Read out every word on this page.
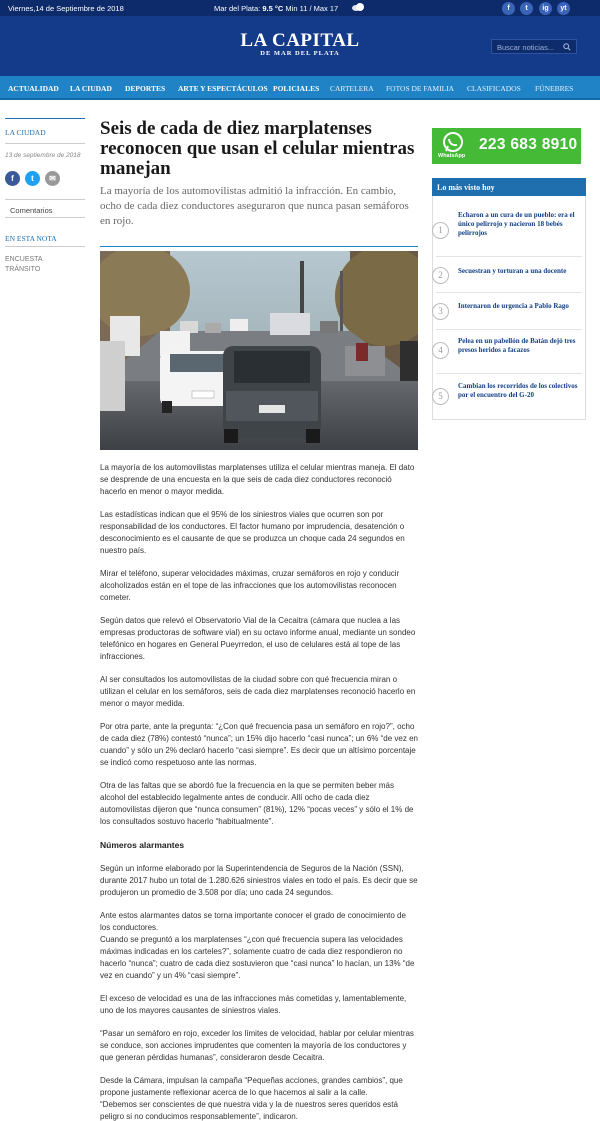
Viernes,14 de Septiembre de 2018	Mar del Plata: 9.5 °C Min 11 / Max 17	f	t	ig	yt
LA CAPITAL
DE MAR DEL PLATA
Buscar noticias...
ACTUALIDAD LA CIUDAD DEPORTES ARTE Y ESPECTÁCULOS POLICIALES CARTELERA FOTOS DE FAMILIA CLASIFICADOS FÚNEBRES
LA CIUDAD
13 de septiembre de 2018
f	t	✉
Comentarios
EN ESTA NOTA
ENCUESTA
TRÁNSITO
Seis de cada de diez marplatenses reconocen que usan el celular mientras manejan
La mayoría de los automovilistas admitió la infracción. En cambio, ocho de cada diez conductores aseguraron que nunca pasan semáforos en rojo.

La mayoría de los automovilistas marplatenses utiliza el celular mientras maneja. El dato se desprende de una encuesta en la que seis de cada diez conductores reconoció hacerlo en menor o mayor medida.

Las estadísticas indican que el 95% de los siniestros viales que ocurren son por responsabilidad de los conductores. El factor humano por imprudencia, desatención o desconocimiento es el causante de que se produzca un choque cada 24 segundos en nuestro país.

Mirar el teléfono, superar velocidades máximas, cruzar semáforos en rojo y conducir alcoholizados están en el tope de las infracciones que los automovilistas reconocen cometer.

Según datos que relevó el Observatorio Vial de la Cecaitra (cámara que nuclea a las empresas productoras de software vial) en su octavo informe anual, mediante un sondeo telefónico en hogares en General Pueyrredon, el uso de celulares está al tope de las infracciones.

Al ser consultados los automovilistas de la ciudad sobre con qué frecuencia miran o utilizan el celular en los semáforos, seis de cada diez marplatenses reconoció hacerlo en menor o mayor medida.

Por otra parte, ante la pregunta: “¿Con qué frecuencia pasa un semáforo en rojo?”, ocho de cada diez (78%) contestó “nunca”; un 15% dijo hacerlo “casi nunca”; un 6% “de vez en cuando” y sólo un 2% declaró hacerlo “casi siempre”. Es decir que un altísimo porcentaje se indicó como respetuoso ante las normas.

Otra de las faltas que se abordó fue la frecuencia en la que se permiten beber más alcohol del establecido legalmente antes de conducir. Allí ocho de cada diez automovilistas dijeron que “nunca consumen” (81%), 12% “pocas veces” y sólo el 1% de los consultados sostuvo hacerlo “habitualmente”.

Números alarmantes

Según un informe elaborado por la Superintendencia de Seguros de la Nación (SSN), durante 2017 hubo un total de 1.280.626 siniestros viales en todo el país. Es decir que se produjeron un promedio de 3.508 por día; uno cada 24 segundos.

Ante estos alarmantes datos se torna importante conocer el grado de conocimiento de los conductores.
Cuando se preguntó a los marplatenses “¿con qué frecuencia supera las velocidades máximas indicadas en los carteles?”, solamente cuatro de cada diez respondieron no hacerlo “nunca”; cuatro de cada diez sostuvieron que “casi nunca” lo hacían, un 13% “de vez en cuando” y un 4% “casi siempre”.

El exceso de velocidad es una de las infracciones más cometidas y, lamentablemente, uno de los mayores causantes de siniestros viales.

“Pasar un semáforo en rojo, exceder los límites de velocidad, hablar por celular mientras se conduce, son acciones imprudentes que comenten la mayoría de los conductores y que generan pérdidas humanas”, consideraron desde Cecaitra.

Desde la Cámara, impulsan la campaña “Pequeñas acciones, grandes cambios”, que propone justamente reflexionar acerca de lo que hacemos al salir a la calle.
“Debemos ser conscientes de que nuestra vida y la de nuestros seres queridos está peligro si no conducimos responsablemente”, indicaron.

WhatsApp
223 683 8910
Lo más visto hoy
1
Echaron a un cura de un pueblo: era el único pelirrojo y nacieron 18 bebés pelirrojos
2	Secuestran y torturan a una docente
3	Internaron de urgencia a Pablo Rago
4
Pelea en un pabellón de Batán dejó tres presos heridos a facazos
5
Cambian los recorridos de los colectivos por el encuentro del G-20
